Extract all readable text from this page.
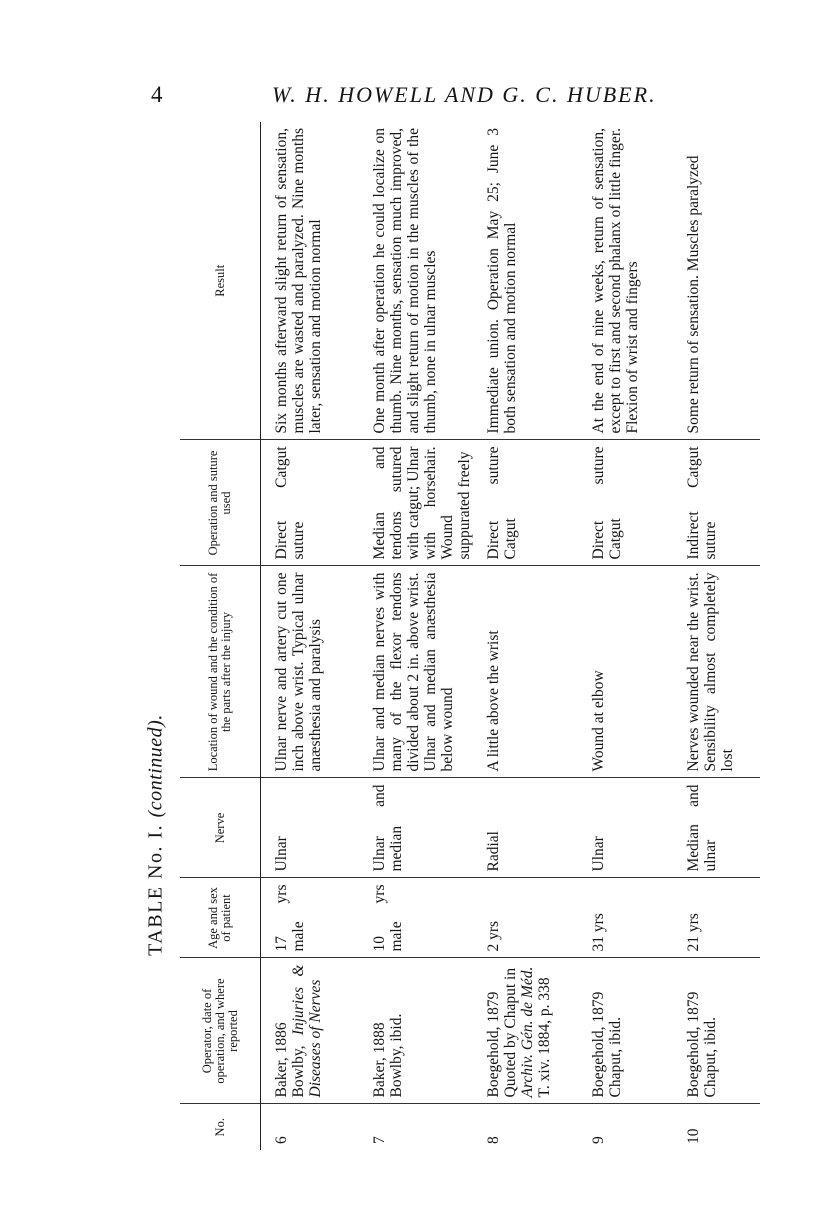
4	W. H. HOWELL AND G. C. HUBER.
TABLE No. I. (continued).
No.	Operator, date of operation, and where reported	Age and sex of patient	Nerve	Location of wound and the condition of the parts after the injury	Operation and suture used	Result
6	Baker, 1886
Bowlby, Injuries & Diseases of Nerves	17 yrs male	Ulnar	Ulnar nerve and artery cut one inch above wrist. Typical ulnar anæsthesia and paralysis	Direct Catgut suture	Six months afterward slight return of sensation, muscles are wasted and paralyzed. Nine months later, sensation and motion normal
7	Baker, 1888
Bowlby, ibid.	10 yrs male	Ulnar and median	Ulnar and median nerves with many of the flexor tendons divided about 2 in. above wrist. Ulnar and median anæsthesia below wound	Median and tendons sutured with catgut; Ulnar with horsehair. Wound suppurated freely	One month after operation he could localize on thumb. Nine months, sensation much improved, and slight return of motion in the muscles of the thumb, none in ulnar muscles
8	Boegehold, 1879
Quoted by Chaput in Archiv. Gén. de Méd. T. xiv. 1884, p. 338	2 yrs	Radial	A little above the wrist	Direct suture Catgut	Immediate union. Operation May 25; June 3 both sensation and motion normal
9	Boegehold, 1879
Chaput, ibid.	31 yrs	Ulnar	Wound at elbow	Direct suture Catgut	At the end of nine weeks, return of sensation, except to first and second phalanx of little finger. Flexion of wrist and fingers
10	Boegehold, 1879
Chaput, ibid.	21 yrs	Median and ulnar	Nerves wounded near the wrist. Sensibility almost completely lost	Indirect Catgut suture	Some return of sensation. Muscles paralyzed
